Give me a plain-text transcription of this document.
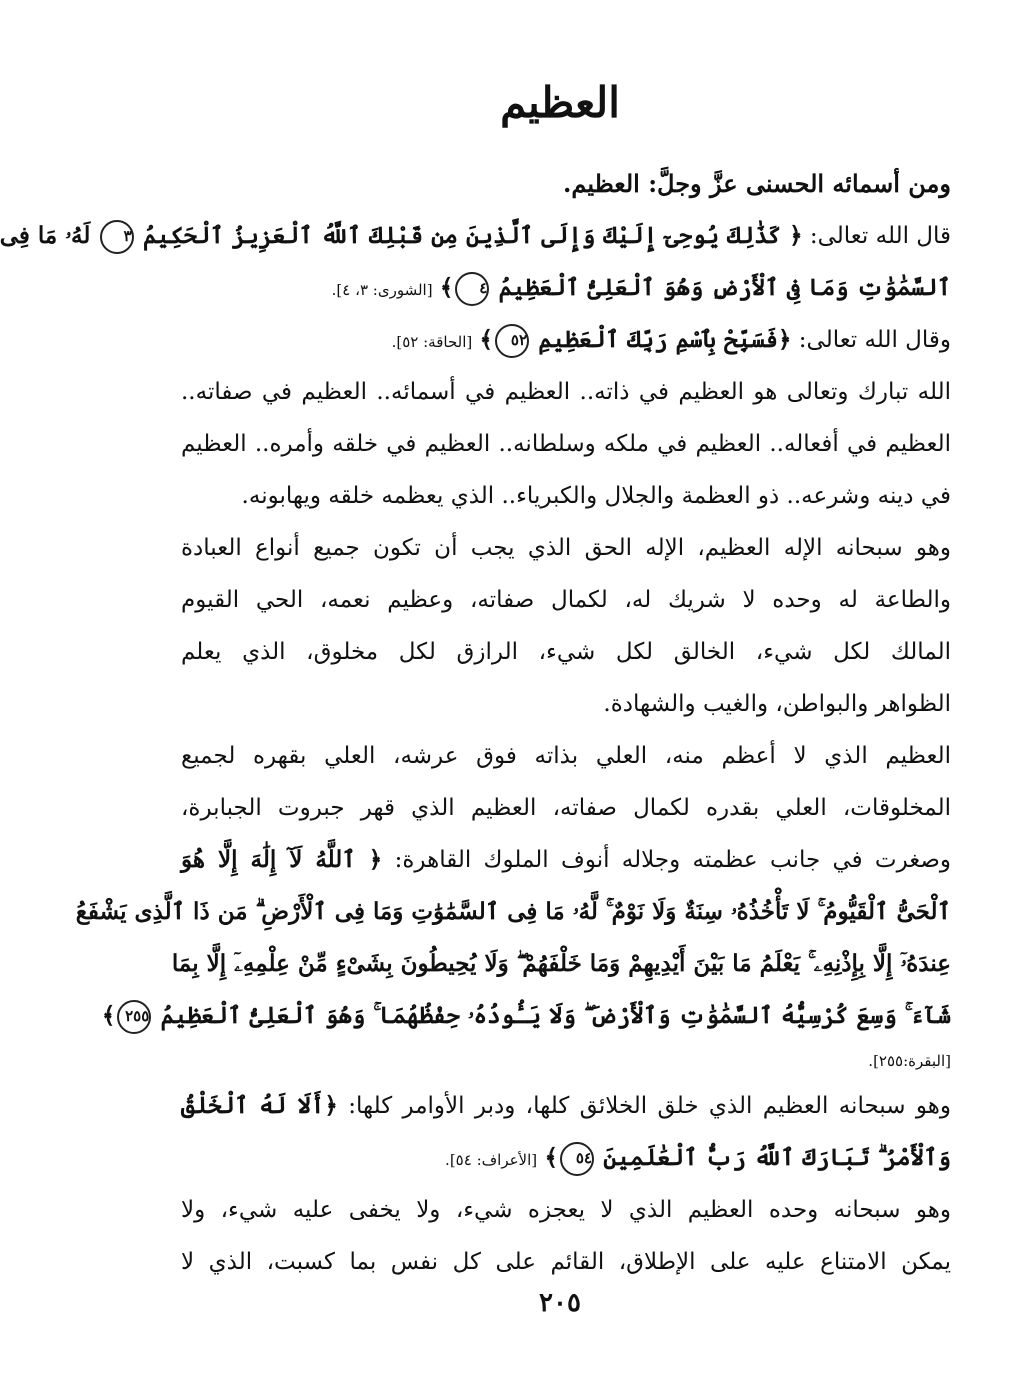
العظيم
ومن أسمائه الحسنى عزَّ وجلَّ: العظيم.
قال الله تعالى: ﴿ كَذَٰلِكَ يُوحِىٓ إِلَيْكَ وَإِلَى ٱلَّذِينَ مِن قَبْلِكَ ٱللَّهُ ٱلْعَزِيزُ ٱلْحَكِيمُ ٣ لَهُۥ مَا فِى
ٱلسَّمَٰوَٰتِ وَمَا فِى ٱلْأَرْضِ وَهُوَ ٱلْعَلِىُّ ٱلْعَظِيمُ ٤﴾ [الشورى: ٣، ٤].
وقال الله تعالى: ﴿فَسَبِّحْ بِٱسْمِ رَبِّكَ ٱلْعَظِيمِ ٥٢﴾ [الحاقة: ٥٢].
الله تبارك وتعالى هو العظيم في ذاته.. العظيم في أسمائه.. العظيم في صفاته..
العظيم في أفعاله.. العظيم في ملكه وسلطانه.. العظيم في خلقه وأمره.. العظيم
في دينه وشرعه.. ذو العظمة والجلال والكبرياء.. الذي يعظمه خلقه ويهابونه.
وهو سبحانه الإله العظيم، الإله الحق الذي يجب أن تكون جميع أنواع العبادة
والطاعة له وحده لا شريك له، لكمال صفاته، وعظيم نعمه، الحي القيوم
المالك لكل شيء، الخالق لكل شيء، الرازق لكل مخلوق، الذي يعلم
الظواهر والبواطن، والغيب والشهادة.
العظيم الذي لا أعظم منه، العلي بذاته فوق عرشه، العلي بقهره لجميع
المخلوقات، العلي بقدره لكمال صفاته، العظيم الذي قهر جبروت الجبابرة،
وصغرت في جانب عظمته وجلاله أنوف الملوك القاهرة: ﴿ ٱللَّهُ لَآ إِلَٰهَ إِلَّا هُوَ
ٱلْحَىُّ ٱلْقَيُّومُ ۚ لَا تَأْخُذُهُۥ سِنَةٌ وَلَا نَوْمٌ ۚ لَّهُۥ مَا فِى ٱلسَّمَٰوَٰتِ وَمَا فِى ٱلْأَرْضِ ۗ مَن ذَا ٱلَّذِى يَشْفَعُ
عِندَهُۥٓ إِلَّا بِإِذْنِهِۦ ۚ يَعْلَمُ مَا بَيْنَ أَيْدِيهِمْ وَمَا خَلْفَهُمْ ۖ وَلَا يُحِيطُونَ بِشَىْءٍ مِّنْ عِلْمِهِۦٓ إِلَّا بِمَا
شَآءَ ۚ وَسِعَ كُرْسِيُّهُ ٱلسَّمَٰوَٰتِ وَٱلْأَرْضَ ۖ وَلَا يَـُٔودُهُۥ حِفْظُهُمَا ۚ وَهُوَ ٱلْعَلِىُّ ٱلْعَظِيمُ ٢٥٥﴾
[البقرة:٢٥٥].
وهو سبحانه العظيم الذي خلق الخلائق كلها، ودبر الأوامر كلها: ﴿أَلَا لَهُ ٱلْخَلْقُ
وَٱلْأَمْرُ ۗ تَبَارَكَ ٱللَّهُ رَبُّ ٱلْعَٰلَمِينَ ٥٤﴾ [الأعراف: ٥٤].
وهو سبحانه وحده العظيم الذي لا يعجزه شيء، ولا يخفى عليه شيء، ولا
يمكن الامتناع عليه على الإطلاق، القائم على كل نفس بما كسبت، الذي لا
٢٠٥
